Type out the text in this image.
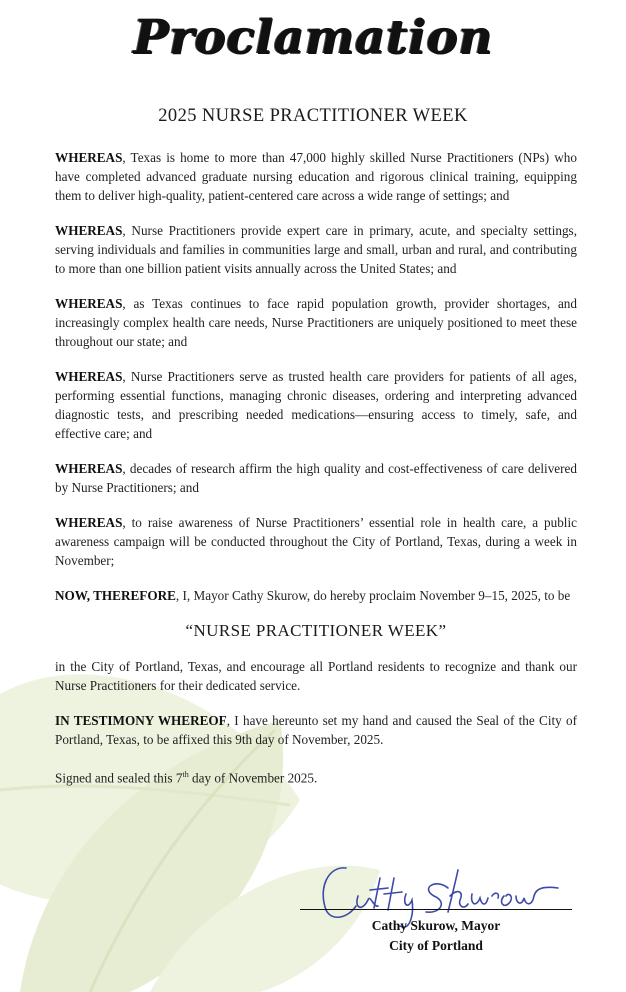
Proclamation
2025 NURSE PRACTITIONER WEEK

WHEREAS, Texas is home to more than 47,000 highly skilled Nurse Practitioners (NPs) who have completed advanced graduate nursing education and rigorous clinical training, equipping them to deliver high-quality, patient-centered care across a wide range of settings; and

WHEREAS, Nurse Practitioners provide expert care in primary, acute, and specialty settings, serving individuals and families in communities large and small, urban and rural, and contributing to more than one billion patient visits annually across the United States; and

WHEREAS, as Texas continues to face rapid population growth, provider shortages, and increasingly complex health care needs, Nurse Practitioners are uniquely positioned to meet these throughout our state; and

WHEREAS, Nurse Practitioners serve as trusted health care providers for patients of all ages, performing essential functions, managing chronic diseases, ordering and interpreting advanced diagnostic tests, and prescribing needed medications—ensuring access to timely, safe, and effective care; and

WHEREAS, decades of research affirm the high quality and cost-effectiveness of care delivered by Nurse Practitioners; and

WHEREAS, to raise awareness of Nurse Practitioners’ essential role in health care, a public awareness campaign will be conducted throughout the City of Portland, Texas, during a week in November;

NOW, THEREFORE, I, Mayor Cathy Skurow, do hereby proclaim November 9–15, 2025, to be

“NURSE PRACTITIONER WEEK”

in the City of Portland, Texas, and encourage all Portland residents to recognize and thank our Nurse Practitioners for their dedicated service.

IN TESTIMONY WHEREOF, I have hereunto set my hand and caused the Seal of the City of Portland, Texas, to be affixed this 9th day of November, 2025.

Signed and sealed this 7th day of November 2025.

Cathy Skurow, Mayor
City of Portland
